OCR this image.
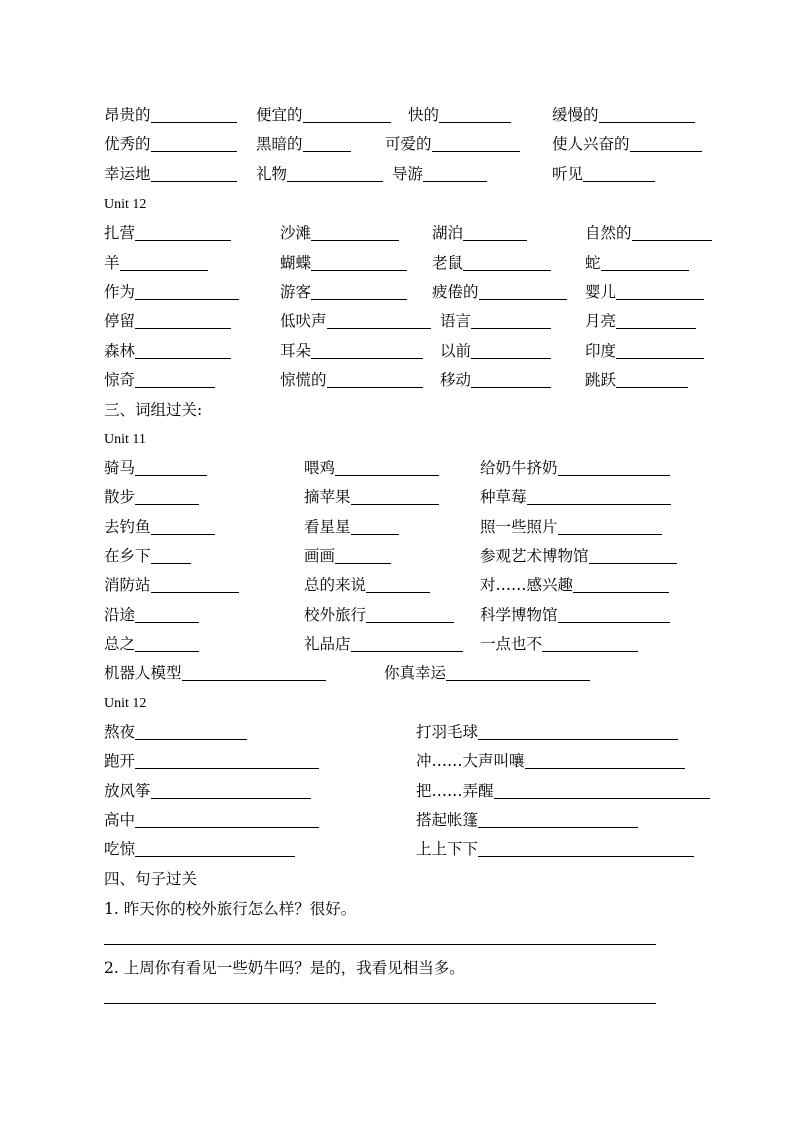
昂贵的	便宜的	快的	缓慢的
优秀的	黑暗的	可爱的	使人兴奋的
幸运地	礼物	导游	听见
Unit 12
扎营	沙滩	湖泊	自然的
羊	蝴蝶	老鼠	蛇
作为	游客	疲倦的	婴儿
停留	低吠声	语言	月亮
森林	耳朵	以前	印度
惊奇	惊慌的	移动	跳跃
三、词组过关:
Unit 11
骑马	喂鸡	给奶牛挤奶
散步	摘苹果	种草莓
去钓鱼	看星星	照一些照片
在乡下	画画	参观艺术博物馆
消防站	总的来说	对……感兴趣
沿途	校外旅行	科学博物馆
总之	礼品店	一点也不
机器人模型	你真幸运
Unit 12
熬夜	打羽毛球
跑开	冲……大声叫嚷
放风筝	把……弄醒
高中	搭起帐篷
吃惊	上上下下
四、句子过关
1. 昨天你的校外旅行怎么样？很好。
2. 上周你有看见一些奶牛吗？是的，我看见相当多。
